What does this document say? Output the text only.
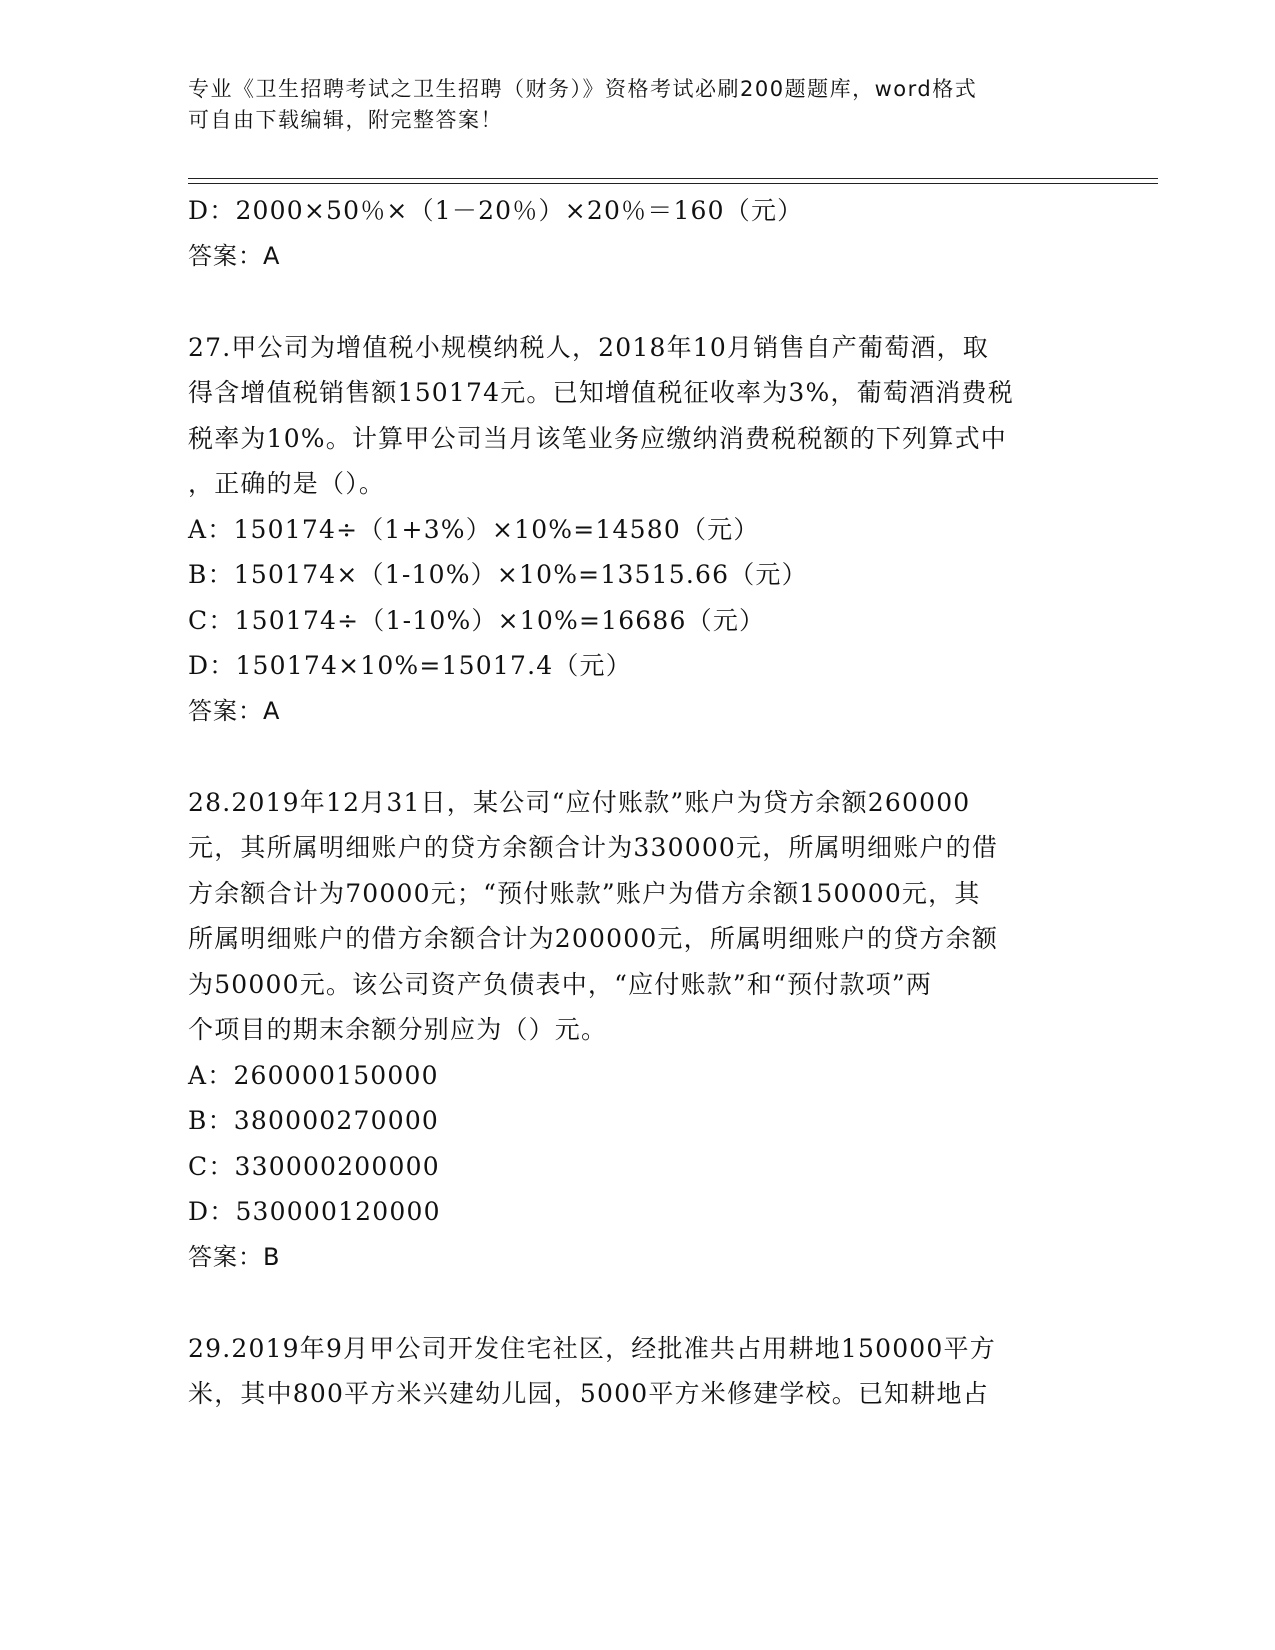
专业《卫生招聘考试之卫生招聘（财务）》资格考试必刷200题题库，word格式
可自由下载编辑，附完整答案！

D：2000×50％×（1－20％）×20％＝160（元）

答案：A

27.甲公司为增值税小规模纳税人，2018年10月销售自产葡萄酒，取

得含增值税销售额150174元。已知增值税征收率为3%，葡萄酒消费税

税率为10%。计算甲公司当月该笔业务应缴纳消费税税额的下列算式中

，正确的是（）。

A：150174÷（1+3%）×10%=14580（元）

B：150174×（1-10%）×10%=13515.66（元）

C：150174÷（1-10%）×10%=16686（元）

D：150174×10%=15017.4（元）

答案：A

28.2019年12月31日，某公司“应付账款”账户为贷方余额260000

元，其所属明细账户的贷方余额合计为330000元，所属明细账户的借

方余额合计为70000元；“预付账款”账户为借方余额150000元，其

所属明细账户的借方余额合计为200000元，所属明细账户的贷方余额

为50000元。该公司资产负债表中，“应付账款”和“预付款项”两

个项目的期末余额分别应为（）元。

A：260000150000

B：380000270000

C：330000200000

D：530000120000

答案：B

29.2019年9月甲公司开发住宅社区，经批准共占用耕地150000平方

米，其中800平方米兴建幼儿园，5000平方米修建学校。已知耕地占
